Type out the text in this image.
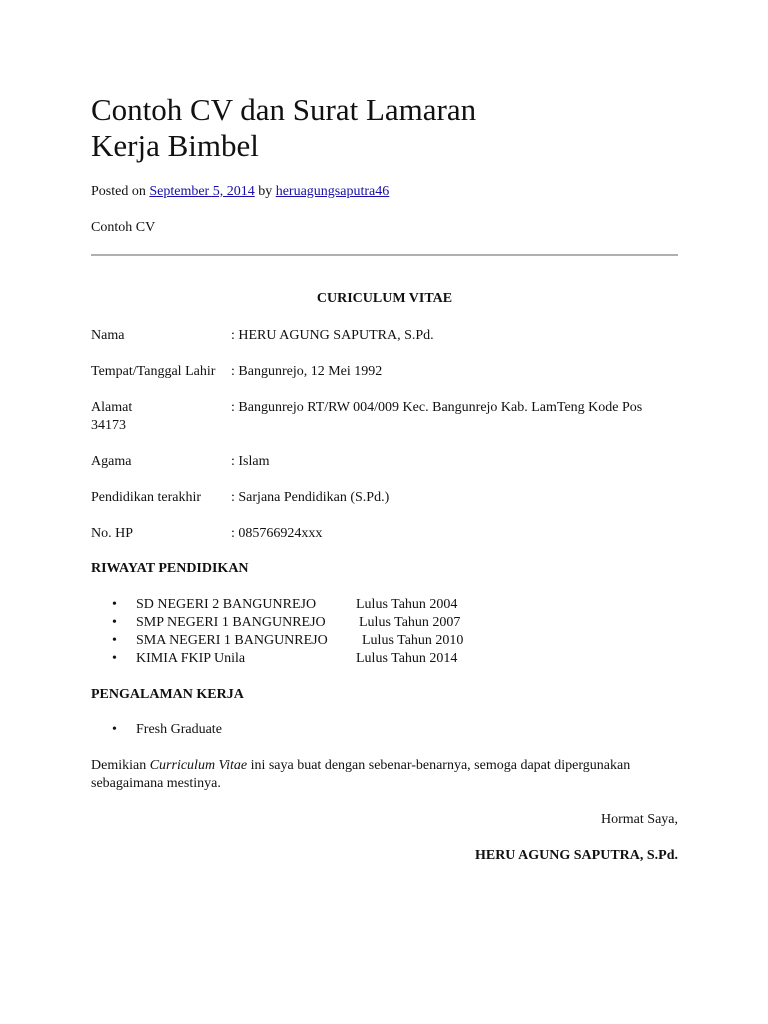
Contoh CV dan Surat Lamaran
Kerja Bimbel
Posted on September 5, 2014 by heruagungsaputra46
Contoh CV
CURICULUM VITAE
Nama	: HERU AGUNG SAPUTRA, S.Pd.
Tempat/Tanggal Lahir	: Bangunrejo, 12 Mei 1992
Alamat	: Bangunrejo RT/RW 004/009 Kec. Bangunrejo Kab. LamTeng Kode Pos 34173
Agama	: Islam
Pendidikan terakhir	: Sarjana Pendidikan (S.Pd.)
No. HP	: 085766924xxx
RIWAYAT PENDIDIKAN
• SD NEGERI 2 BANGUNREJO	Lulus Tahun 2004
• SMP NEGERI 1 BANGUNREJO Lulus Tahun 2007
• SMA NEGERI 1 BANGUNREJO Lulus Tahun 2010
• KIMIA FKIP Unila	Lulus Tahun 2014
PENGALAMAN KERJA
• Fresh Graduate
Demikian Curriculum Vitae ini saya buat dengan sebenar-benarnya, semoga dapat dipergunakan sebagaimana mestinya.
Hormat Saya,
HERU AGUNG SAPUTRA, S.Pd.
